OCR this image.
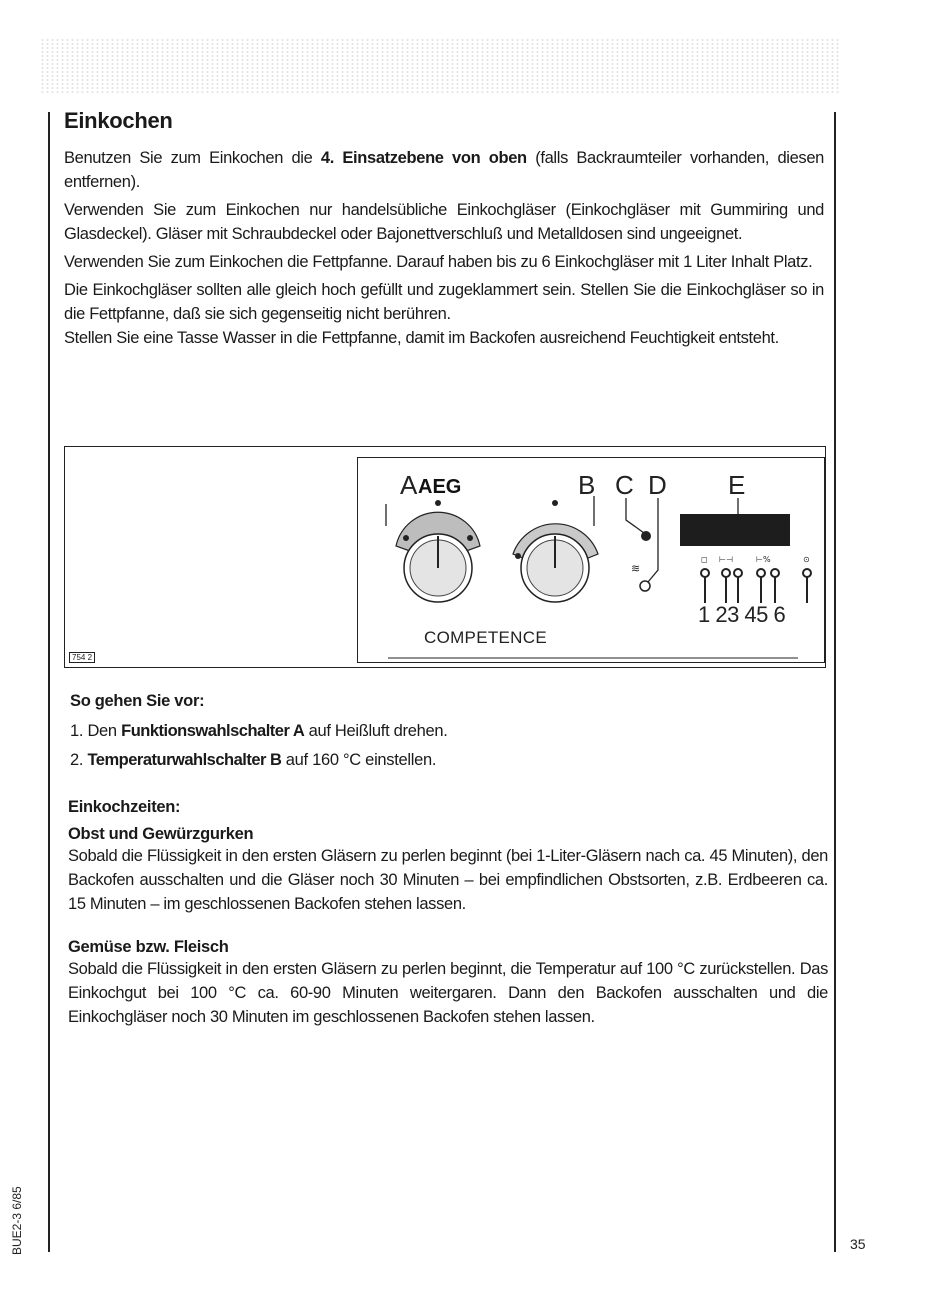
Einkochen

Benutzen Sie zum Einkochen die 4. Einsatzebene von oben (falls Backraumteiler vorhanden, diesen entfernen).

Verwenden Sie zum Einkochen nur handelsübliche Einkochgläser (Einkochgläser mit Gummiring und Glasdeckel). Gläser mit Schraubdeckel oder Bajonettverschluß und Metalldosen sind ungeeignet.

Verwenden Sie zum Einkochen die Fettpfanne. Darauf haben bis zu 6 Einkochgläser mit 1 Liter Inhalt Platz.

Die Einkochgläser sollten alle gleich hoch gefüllt und zugeklammert sein. Stellen Sie die Einkochgläser so in die Fettpfanne, daß sie sich gegenseitig nicht berühren.

Stellen Sie eine Tasse Wasser in die Fettpfanne, damit im Backofen ausreichend Feuchtigkeit entsteht.

754 2
≋
◻ ⊢⊣	⊢%	⊙
A AEG	B C D E
1 23 45 6
COMPETENCE
So gehen Sie vor:
1. Den Funktionswahlschalter A auf Heißluft drehen.
2. Temperaturwahlschalter B auf 160 °C einstellen.
Einkochzeiten:
Obst und Gewürzgurken

Sobald die Flüssigkeit in den ersten Gläsern zu perlen beginnt (bei 1-Liter-Gläsern nach ca. 45 Minuten), den Backofen ausschalten und die Gläser noch 30 Minuten – bei empfindlichen Obstsorten, z.B. Erdbeeren ca. 15 Minuten – im geschlossenen Backofen stehen lassen.

Gemüse bzw. Fleisch

Sobald die Flüssigkeit in den ersten Gläsern zu perlen beginnt, die Temperatur auf 100 °C zurückstellen. Das Einkochgut bei 100 °C ca. 60-90 Minuten weitergaren. Dann den Backofen ausschalten und die Einkochgläser noch 30 Minuten im geschlossenen Backofen stehen lassen.

BUE2-3 6/85	35
